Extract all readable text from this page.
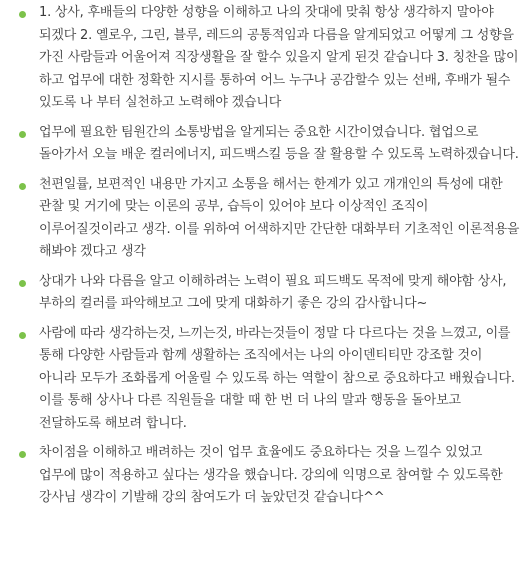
1. 상사, 후배들의 다양한 성향을 이해하고 나의 잣대에 맞춰 항상 생각하지 말아야 되겠다 2. 옐로우, 그린, 블루, 레드의 공통적임과 다름을 알게되었고 어떻게 그 성향을 가진 사람들과 어울어져 직장생활을 잘 할수 있을지 알게 된것 같습니다 3. 칭찬을 많이 하고 업무에 대한 정확한 지시를 통하여 어느 누구나 공감할수 있는 선배, 후배가 될수 있도록 나 부터 실천하고 노력해야 겠습니다
업무에 필요한 팀원간의 소통방법을 알게되는 중요한 시간이였습니다. 협업으로 돌아가서 오늘 배운 컬러에너지, 피드백스킬 등을 잘 활용할 수 있도록 노력하겠습니다.
천편일률, 보편적인 내용만 가지고 소통을 해서는 한계가 있고 개개인의 특성에 대한 관찰 및 거기에 맞는 이론의 공부, 습득이 있어야 보다 이상적인 조직이 이루어질것이라고 생각. 이를 위하여 어색하지만 간단한 대화부터 기초적인 이론적용을 해봐야 겠다고 생각
상대가 나와 다름을 알고 이해하려는 노력이 필요 피드백도 목적에 맞게 해야함 상사, 부하의 컬러를 파악해보고 그에 맞게 대화하기 좋은 강의 감사합니다~
사람에 따라 생각하는것, 느끼는것, 바라는것들이 정말 다 다르다는 것을 느꼈고, 이를 통해 다양한 사람들과 함께 생활하는 조직에서는 나의 아이덴티티만 강조할 것이 아니라 모두가 조화롭게 어울릴 수 있도록 하는 역할이 참으로 중요하다고 배웠습니다. 이를 통해 상사나 다른 직원들을 대할 때 한 번 더 나의 말과 행동을 돌아보고 전달하도록 해보려 합니다.
차이점을 이해하고 배려하는 것이 업무 효율에도 중요하다는 것을 느낄수 있었고 업무에 많이 적용하고 싶다는 생각을 했습니다. 강의에 익명으로 참여할 수 있도록한 강사님 생각이 기발해 강의 참여도가 더 높았던것 같습니다^^
